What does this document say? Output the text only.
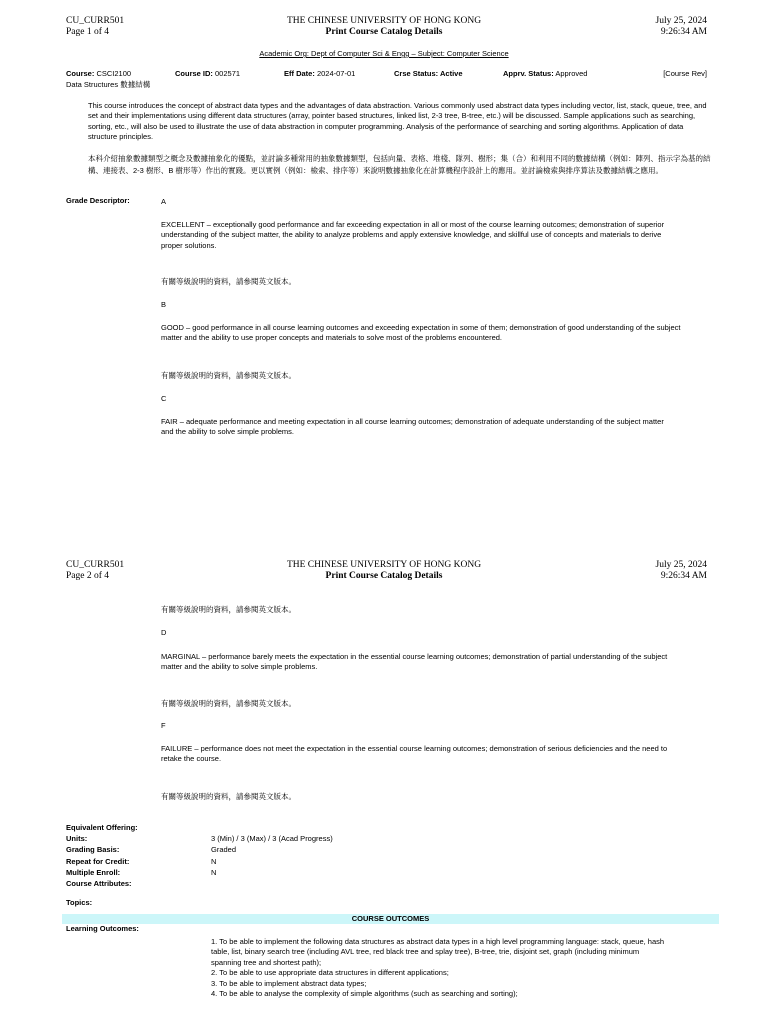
CU_CURR501
Page 1 of 4
THE CHINESE UNIVERSITY OF HONG KONG
Print Course Catalog Details
July 25, 2024
9:26:34 AM
Academic Org: Dept of Computer Sci & Engg – Subject: Computer Science
Course: CSCI2100
Data Structures 數據結構
Course ID: 002571	Eff Date: 2024-07-01	Crse Status: Active	Apprv. Status: Approved	[Course Rev]
This course introduces the concept of abstract data types and the advantages of data abstraction. Various commonly used abstract data types including vector, list, stack, queue, tree, and set and their implementations using different data structures (array, pointer based structures, linked list, 2-3 tree, B-tree, etc.) will be discussed. Sample applications such as searching, sorting, etc., will also be used to illustrate the use of data abstraction in computer programming. Analysis of the performance of searching and sorting algorithms. Application of data structure principles.
本科介紹抽象數據類型之概念及數據抽象化的優點，並討論多種常用的抽象數據類型，包括向量、表格、堆棧、隊列、樹形；集（合）和利用不同的數據結構（例如：陣列、指示字為基的結構、連接表、2-3 樹形、B 樹形等）作出的實踐。更以實例（例如：檢索、排序等）來說明數據抽象化在計算機程序設計上的應用。並討論檢索與排序算法及數據結構之應用。
Grade Descriptor:	A
EXCELLENT – exceptionally good performance and far exceeding expectation in all or most of the course learning outcomes; demonstration of superior understanding of the subject matter, the ability to analyze problems and apply extensive knowledge, and skillful use of concepts and materials to derive proper solutions.
有關等級說明的資料，請參閱英文版本。
B
GOOD – good performance in all course learning outcomes and exceeding expectation in some of them; demonstration of good understanding of the subject matter and the ability to use proper concepts and materials to solve most of the problems encountered.
有關等級說明的資料，請參閱英文版本。
C
FAIR – adequate performance and meeting expectation in all course learning outcomes; demonstration of adequate understanding of the subject matter and the ability to solve simple problems.
CU_CURR501
Page 2 of 4
THE CHINESE UNIVERSITY OF HONG KONG
Print Course Catalog Details
July 25, 2024
9:26:34 AM
有關等級說明的資料，請參閱英文版本。
D
MARGINAL – performance barely meets the expectation in the essential course learning outcomes; demonstration of partial understanding of the subject matter and the ability to solve simple problems.
有關等級說明的資料，請參閱英文版本。
F
FAILURE – performance does not meet the expectation in the essential course learning outcomes; demonstration of serious deficiencies and the need to retake the course.
有關等級說明的資料，請參閱英文版本。
Equivalent Offering:
Units:	3 (Min) / 3 (Max) / 3 (Acad Progress)
Grading Basis:	Graded
Repeat for Credit:	N
Multiple Enroll:	N
Course Attributes:
Topics:
COURSE OUTCOMES
Learning Outcomes:
1. To be able to implement the following data structures as abstract data types in a high level programming language: stack, queue, hash table, list, binary search tree (including AVL tree, red black tree and splay tree), B-tree, trie, disjoint set, graph (including minimum spanning tree and shortest path);
2. To be able to use appropriate data structures in different applications;
3. To be able to implement abstract data types;
4. To be able to analyse the complexity of simple algorithms (such as searching and sorting);
